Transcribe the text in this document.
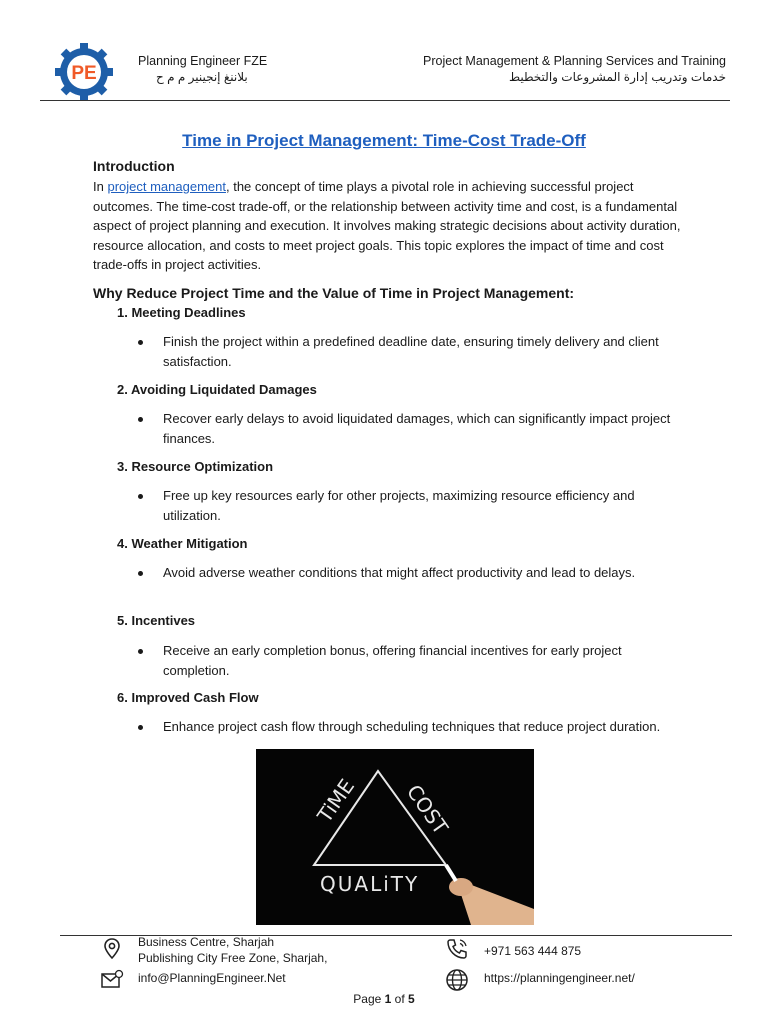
PE
Planning Engineer FZE
بلاننغ إنجينير م م ح
Project Management & Planning Services and Training
خدمات وتدريب إدارة المشروعات والتخطيط
Time in Project Management: Time-Cost Trade-Off
Introduction
In project management, the concept of time plays a pivotal role in achieving successful project outcomes. The time-cost trade-off, or the relationship between activity time and cost, is a fundamental aspect of project planning and execution. It involves making strategic decisions about activity duration, resource allocation, and costs to meet project goals. This topic explores the impact of time and cost trade-offs in project activities.
Why Reduce Project Time and the Value of Time in Project Management:
1. Meeting Deadlines
Finish the project within a predefined deadline date, ensuring timely delivery and client satisfaction.
2. Avoiding Liquidated Damages
Recover early delays to avoid liquidated damages, which can significantly impact project finances.
3. Resource Optimization
Free up key resources early for other projects, maximizing resource efficiency and utilization.
4. Weather Mitigation
Avoid adverse weather conditions that might affect productivity and lead to delays.
5. Incentives
Receive an early completion bonus, offering financial incentives for early project completion.
6. Improved Cash Flow
Enhance project cash flow through scheduling techniques that reduce project duration.
TiME COST
QUALiTY
Business Centre, Sharjah
Publishing City Free Zone, Sharjah,
info@PlanningEngineer.Net
+971 563 444 875
https://planningengineer.net/
Page 1 of 5
